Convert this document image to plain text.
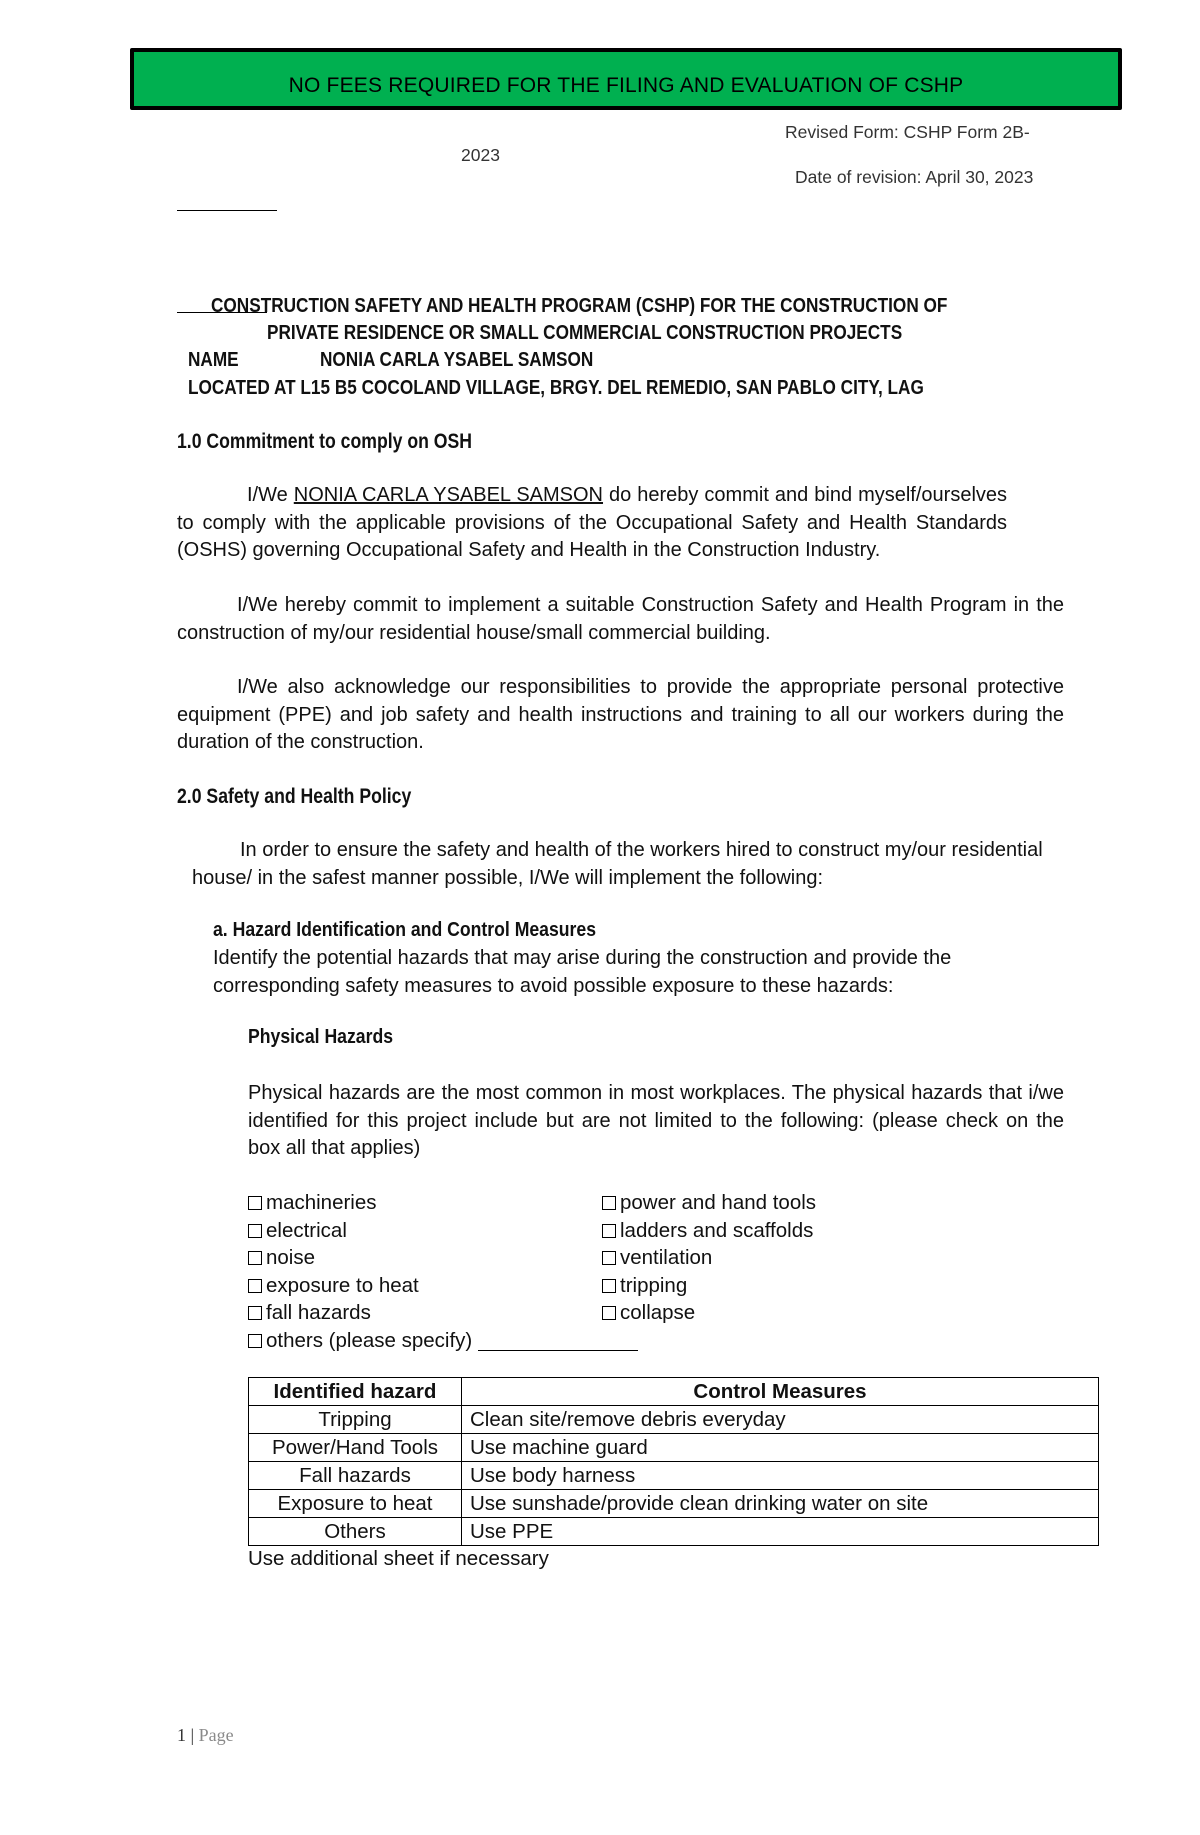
NO FEES REQUIRED FOR THE FILING AND EVALUATION OF CSHP
Revised Form: CSHP Form 2B-
2023
Date of revision: April 30, 2023
CONSTRUCTION SAFETY AND HEALTH PROGRAM (CSHP) FOR THE CONSTRUCTION OF
PRIVATE RESIDENCE OR SMALL COMMERCIAL CONSTRUCTION PROJECTS
NAME	NONIA CARLA YSABEL SAMSON
LOCATED AT L15 B5 COCOLAND VILLAGE, BRGY. DEL REMEDIO, SAN PABLO CITY, LAG
1.0 Commitment to comply on OSH
I/We NONIA CARLA YSABEL SAMSON do hereby commit and bind myself/ourselves to comply with the applicable provisions of the Occupational Safety and Health Standards (OSHS) governing Occupational Safety and Health in the Construction Industry.
I/We hereby commit to implement a suitable Construction Safety and Health Program in the construction of my/our residential house/small commercial building.
I/We also acknowledge our responsibilities to provide the appropriate personal protective equipment (PPE) and job safety and health instructions and training to all our workers during the duration of the construction.
2.0 Safety and Health Policy
In order to ensure the safety and health of the workers hired to construct my/our residential house/ in the safest manner possible, I/We will implement the following:
a. Hazard Identification and Control Measures
Identify the potential hazards that may arise during the construction and provide the corresponding safety measures to avoid possible exposure to these hazards:
Physical Hazards
Physical hazards are the most common in most workplaces. The physical hazards that i/we identified for this project include but are not limited to the following: (please check on the box all that applies)
machineries
electrical
noise
exposure to heat
fall hazards
others (please specify)
power and hand tools
ladders and scaffolds
ventilation
tripping
collapse
Identified hazard	Control Measures
Tripping	Clean site/remove debris everyday
Power/Hand Tools	Use machine guard
Fall hazards	Use body harness
Exposure to heat	Use sunshade/provide clean drinking water on site
Others	Use PPE
Use additional sheet if necessary
1 | Page
